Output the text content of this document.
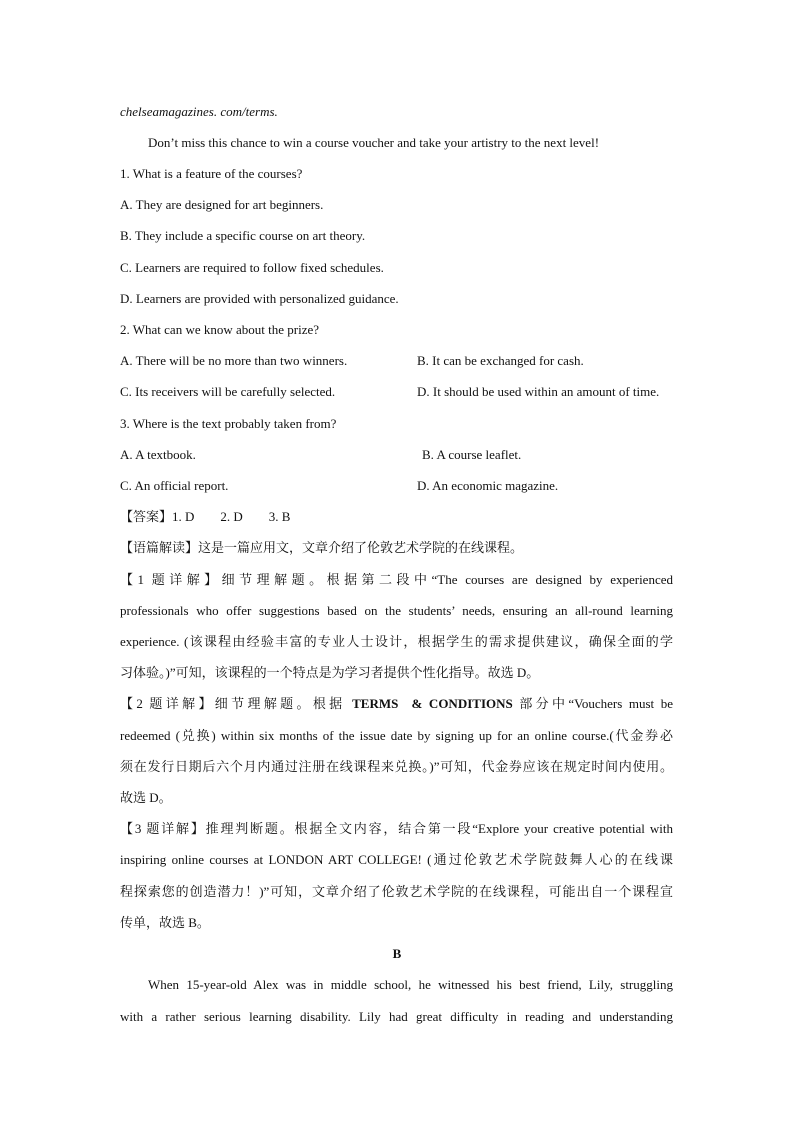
chelseamagazines. com/terms.
Don’t miss this chance to win a course voucher and take your artistry to the next level!
1. What is a feature of the courses?
A. They are designed for art beginners.
B. They include a specific course on art theory.
C. Learners are required to follow fixed schedules.
D. Learners are provided with personalized guidance.
2. What can we know about the prize?
A. There will be no more than two winners.	B. It can be exchanged for cash.
C. Its receivers will be carefully selected.	D. It should be used within an amount of time.
3. Where is the text probably taken from?
A. A textbook.	B. A course leaflet.
C. An official report.	D. An economic magazine.
【答案】1. D        2. D        3. B
【语篇解读】这是一篇应用文，文章介绍了伦敦艺术学院的在线课程。
【1 题详解】细节理解题。根据第二段中“The courses are designed by experienced
professionals who offer suggestions based on the students’ needs, ensuring an all-round learning
experience. (该课程由经验丰富的专业人士设计，根据学生的需求提供建议，确保全面的学
习体验。)”可知，该课程的一个特点是为学习者提供个性化指导。故选 D。
【2 题详解】细节理解题。根据 TERMS  & CONDITIONS 部分中“Vouchers must be
redeemed (兑换) within six months of the issue date by signing up for an online course.(代金券必
须在发行日期后六个月内通过注册在线课程来兑换。)”可知，代金券应该在规定时间内使用。
故选 D。
【3 题详解】推理判断题。根据全文内容，结合第一段“Explore your creative potential with
inspiring online courses at LONDON ART COLLEGE! (通过伦敦艺术学院鼓舞人心的在线课
程探索您的创造潜力！)”可知，文章介绍了伦敦艺术学院的在线课程，可能出自一个课程宣
传单，故选 B。
B
When 15-year-old Alex was in middle school, he witnessed his best friend, Lily, struggling
with a rather serious learning disability. Lily had great difficulty in reading and understanding
